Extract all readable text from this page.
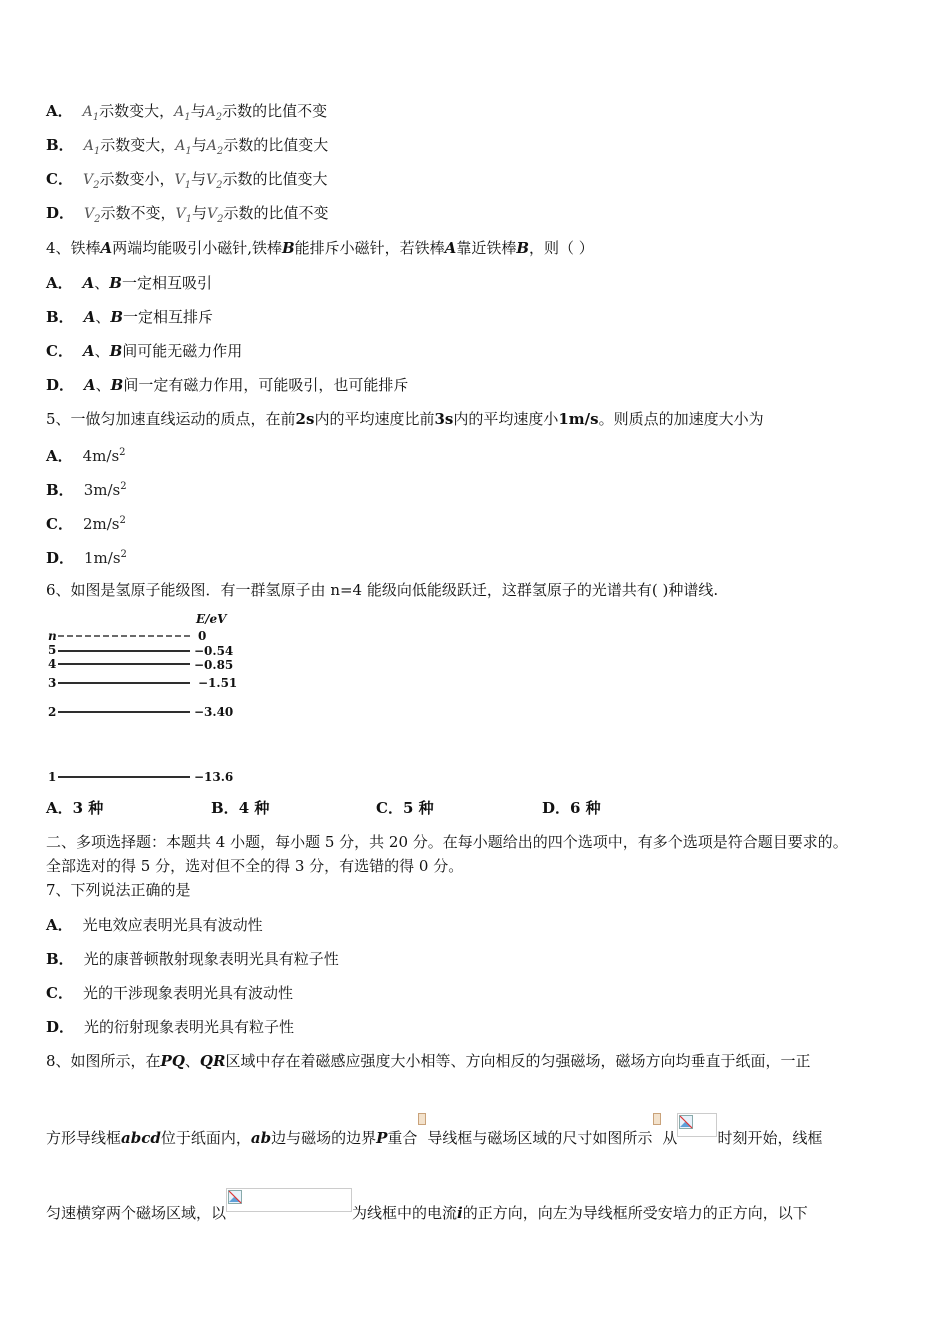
A． $A_1$示数变大，$A_1$与$A_2$示数的比值不变
B． $A_1$示数变大，$A_1$与$A_2$示数的比值变大
C． $V_2$示数变小，$V_1$与$V_2$示数的比值变大
D． $V_2$示数不变，$V_1$与$V_2$示数的比值不变
4、铁棒A两端均能吸引小磁针,铁棒B能排斥小磁针，若铁棒A靠近铁棒B，则（ ）
A． A、B一定相互吸引
B． A、B一定相互排斥
C． A、B间可能无磁力作用
D． A、B间一定有磁力作用，可能吸引，也可能排斥
5、一做匀加速直线运动的质点，在前2s内的平均速度比前3s内的平均速度小1m/s。则质点的加速度大小为
A． $4m/s^2$
B． $3m/s^2$
C． $2m/s^2$
D． $1m/s^2$
6、如图是氢原子能级图．有一群氢原子由 n=4 能级向低能级跃迁，这群氢原子的光谱共有( )种谱线.
E/eV
n	0
5	−0.54
4	−0.85
3	−1.51
2	−3.40
1	−13.6
A．3 种	B．4 种	C．5 种	D．6 种
二、多项选择题：本题共 4 小题，每小题 5 分，共 20 分。在每小题给出的四个选项中，有多个选项是符合题目要求的。
全部选对的得 5 分，选对但不全的得 3 分，有选错的得 0 分。
7、下列说法正确的是
A． 光电效应表明光具有波动性
B． 光的康普顿散射现象表明光具有粒子性
C． 光的干涉现象表明光具有波动性
D． 光的衍射现象表明光具有粒子性
8、如图所示，在PQ、QR区域中存在着磁感应强度大小相等、方向相反的匀强磁场，磁场方向均垂直于纸面，一正
方形导线框abcd位于纸面内，ab边与磁场的边界P重合 导线框与磁场区域的尺寸如图所示 从	时刻开始，线框
匀速横穿两个磁场区域，以	为线框中的电流i的正方向，向左为导线框所受安培力的正方向，以下
